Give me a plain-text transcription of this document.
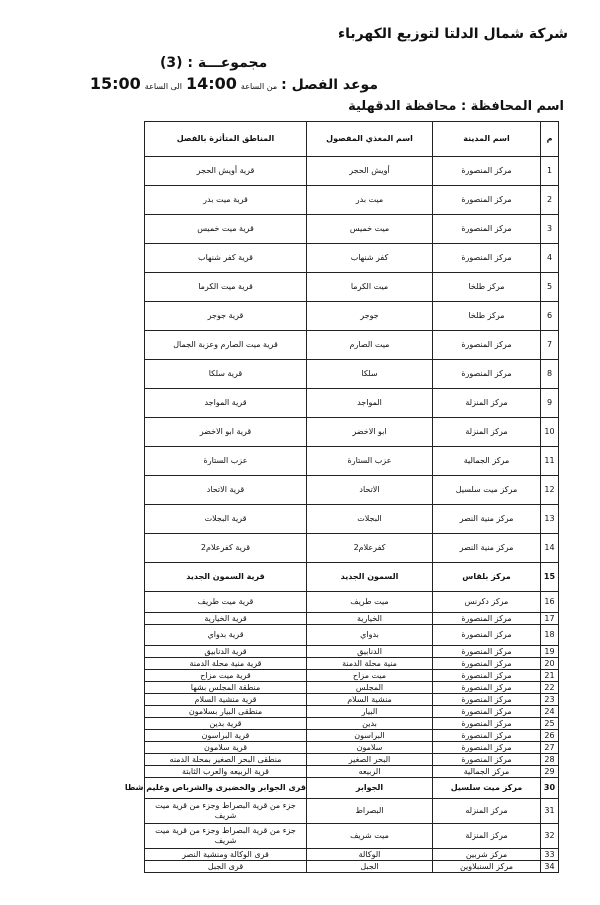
شركة شمال الدلتا لتوزيع الكهرباء
مجموعـــة : (3)
موعد الفصل :
من الساعة
14:00
الى الساعة
15:00
اسم المحافظة : محافظة الدقهلية
م	اسم المدينة	اسم المغذي المفصول	المناطق المتأثرة بالفصل
1	مركز المنصورة	أويش الحجر	قرية أويش الحجر
2	مركز المنصورة	ميت بدر	قرية ميت بدر
3	مركز المنصورة	ميت خميس	قرية ميت خميس
4	مركز المنصورة	كفر شنهاب	قرية كفر شنهاب
5	مركز طلخا	ميت الكرما	قرية ميت الكرما
6	مركز طلخا	جوجر	قرية جوجر
7	مركز المنصورة	ميت الصارم	قرية ميت الصارم وعزبة الجمال
8	مركز المنصورة	سلكا	قرية سلكا
9	مركز المنزلة	المواجد	قرية المواجد
10	مركز المنزلة	ابو الاخضر	قرية ابو الاخضر
11	مركز الجمالية	عزب الستارة	عزب الستارة
12	مركز ميت سلسيل	الاتحاد	قرية الاتحاد
13	مركز منية النصر	البجلات	قرية البجلات
14	مركز منية النصر	كفرعلام2	قرية كفرعلام2
15	مركز بلقاس	السمون الجديد	قرية السمون الجديد
16	مركز دكرنس	ميت طريف	قرية ميت طريف
17	مركز المنصورة	الخيارية	قرية الخيارية
18	مركز المنصورة	بدواي	قرية بدواي
19	مركز المنصورة	الدنابيق	قرية الدنابيق
20	مركز المنصورة	منية محلة الدمنة	قرية منية محلة الدمنة
21	مركز المنصورة	ميت مزاح	قرية ميت مزاح
22	مركز المنصورة	المجلس	منطقة المجلس بشها
23	مركز المنصورة	منشية السلام	قرية منشية السلام
24	مركز المنصورة	البيار	منطقى البيار بسلامون
25	مركز المنصورة	بدين	قرية بدين
26	مركز المنصورة	البراسون	قرية البراسون
27	مركز المنصورة	سلامون	قرية سلامون
28	مركز المنصورة	البحر الصغير	منطقى البحر الصغير بمحلة الدمنه
29	مركز الجمالية	الربيعه	قرية الربيعه والعرب الثابتة
30	مركز ميت سلسيل	الجوابر	قرى الجوابر والخضيرى والشرباص وغليم شطا
31	مركز المنزله	البصراط	جزء من قرية البصراط وجزء من قرية ميت شريف
32	مركز المنزلة	ميت شريف	جزء من قرية البصراط وجزء من قرية ميت شريف
33	مركز شربين	الوكالة	قرى الوكالة ومنشية النصر
34	مركز السنبلاوين	الجبل	قرى الجبل
